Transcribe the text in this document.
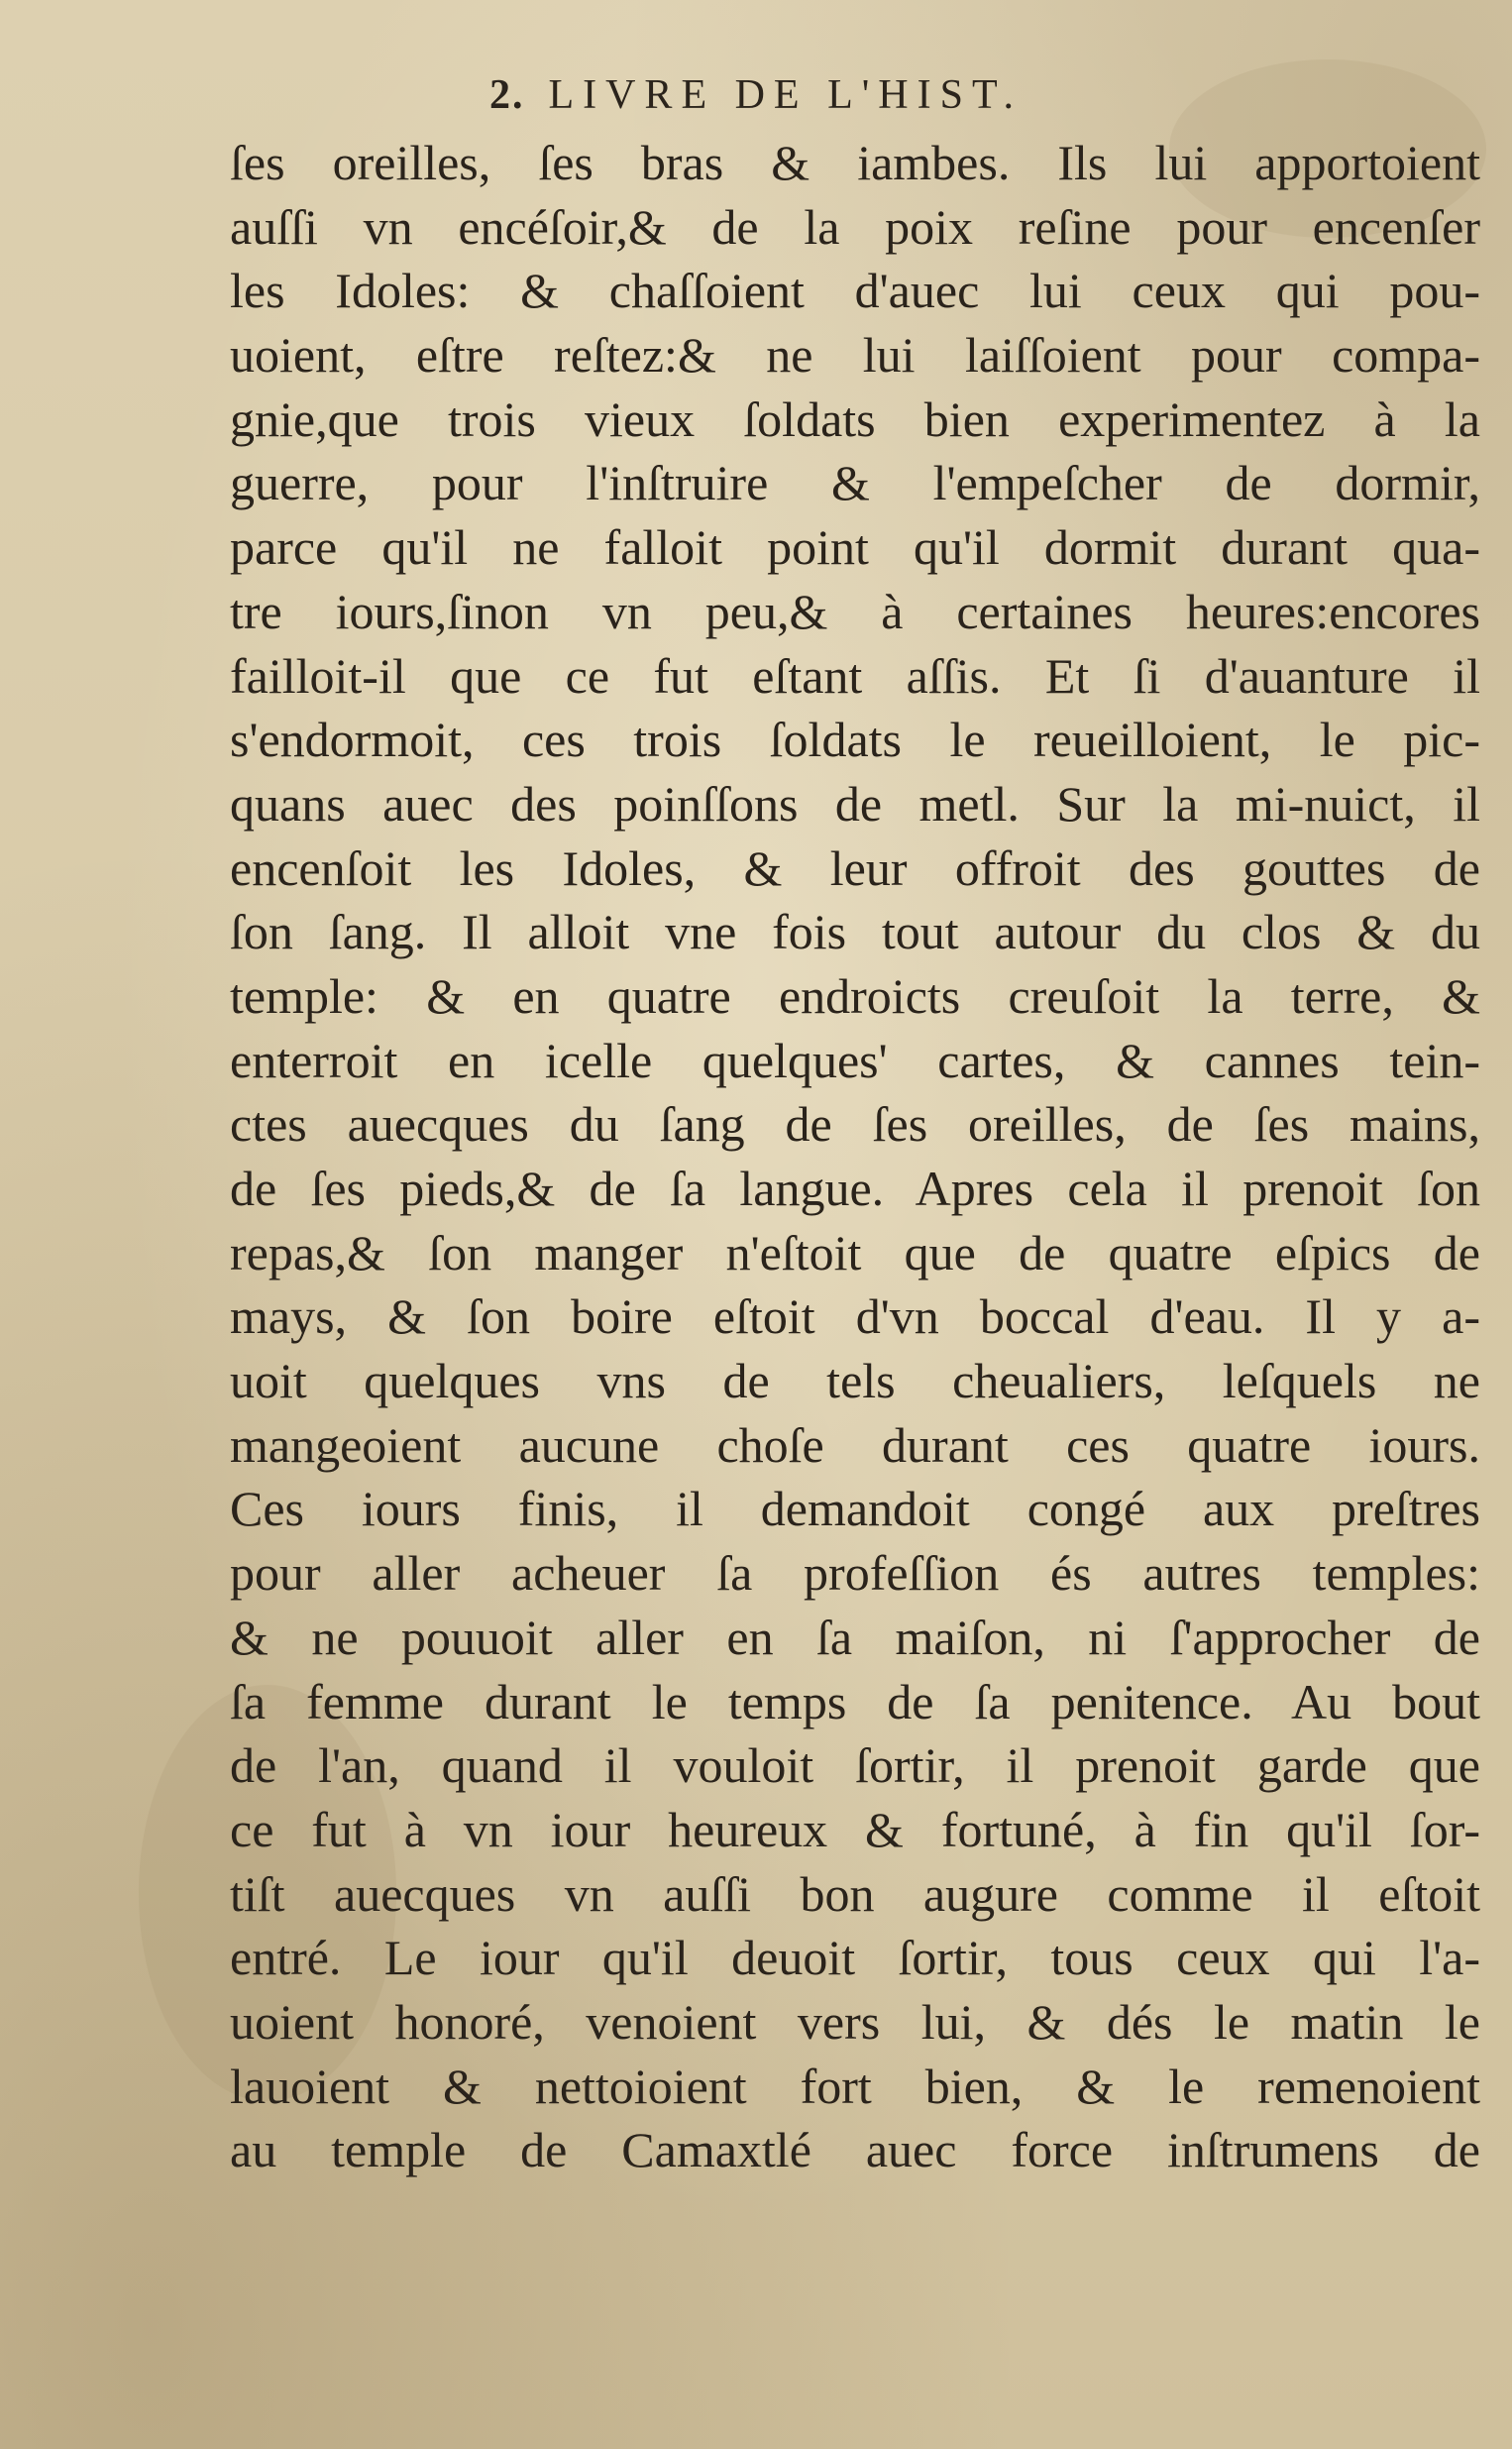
2. LIVRE DE L'HIST.
ſes oreilles, ſes bras & iambes. Ils lui apportoient
auſſi vn encéſoir,& de la poix reſine pour encenſer
les Idoles: & chaſſoient d'auec lui ceux qui pou-
uoient, eſtre reſtez:& ne lui laiſſoient pour compa-
gnie,que trois vieux ſoldats bien experimentez à la
guerre, pour l'inſtruire & l'empeſcher de dormir,
parce qu'il ne falloit point qu'il dormit durant qua-
tre iours,ſinon vn peu,& à certaines heures:encores
failloit-il que ce fut eſtant aſſis. Et ſi d'auanture il
s'endormoit, ces trois ſoldats le reueilloient, le pic-
quans auec des poinſſons de metl. Sur la mi-nuict, il
encenſoit les Idoles, & leur offroit des gouttes de
ſon ſang. Il alloit vne fois tout autour du clos & du
temple: & en quatre endroicts creuſoit la terre, &
enterroit en icelle quelques' cartes, & cannes tein-
ctes auecques du ſang de ſes oreilles, de ſes mains,
de ſes pieds,& de ſa langue. Apres cela il prenoit ſon
repas,& ſon manger n'eſtoit que de quatre eſpics de
mays, & ſon boire eſtoit d'vn boccal d'eau. Il y a-
uoit quelques vns de tels cheualiers, leſquels ne
mangeoient aucune choſe durant ces quatre iours.
Ces iours finis, il demandoit congé aux preſtres
pour aller acheuer ſa profeſſion és autres temples:
& ne pouuoit aller en ſa maiſon, ni ſ'approcher de
ſa femme durant le temps de ſa penitence. Au bout
de l'an, quand il vouloit ſortir, il prenoit garde que
ce fut à vn iour heureux & fortuné, à fin qu'il ſor-
tiſt auecques vn auſſi bon augure comme il eſtoit
entré. Le iour qu'il deuoit ſortir, tous ceux qui l'a-
uoient honoré, venoient vers lui, & dés le matin le
lauoient & nettoioient fort bien, & le remenoient
au temple de Camaxtlé auec force inſtrumens de
